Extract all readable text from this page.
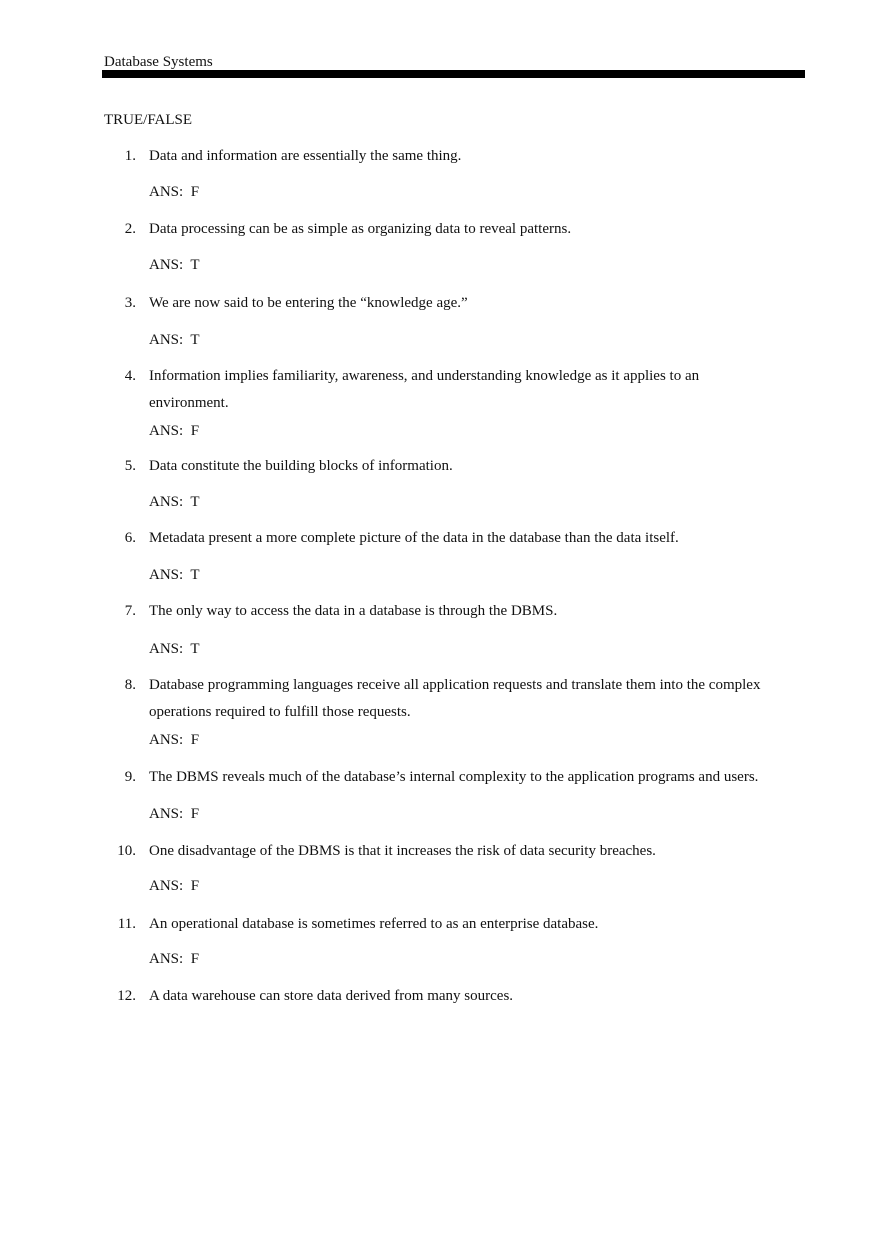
Database Systems
TRUE/FALSE
1. Data and information are essentially the same thing.
ANS: F
2. Data processing can be as simple as organizing data to reveal patterns.
ANS: T
3. We are now said to be entering the “knowledge age.”
ANS: T
4. Information implies familiarity, awareness, and understanding knowledge as it applies to an environment.
ANS: F
5. Data constitute the building blocks of information.
ANS: T
6. Metadata present a more complete picture of the data in the database than the data itself.
ANS: T
7. The only way to access the data in a database is through the DBMS.
ANS: T
8. Database programming languages receive all application requests and translate them into the complex operations required to fulfill those requests.
ANS: F
9. The DBMS reveals much of the database’s internal complexity to the application programs and users.
ANS: F
10. One disadvantage of the DBMS is that it increases the risk of data security breaches.
ANS: F
11. An operational database is sometimes referred to as an enterprise database.
ANS: F
12. A data warehouse can store data derived from many sources.
